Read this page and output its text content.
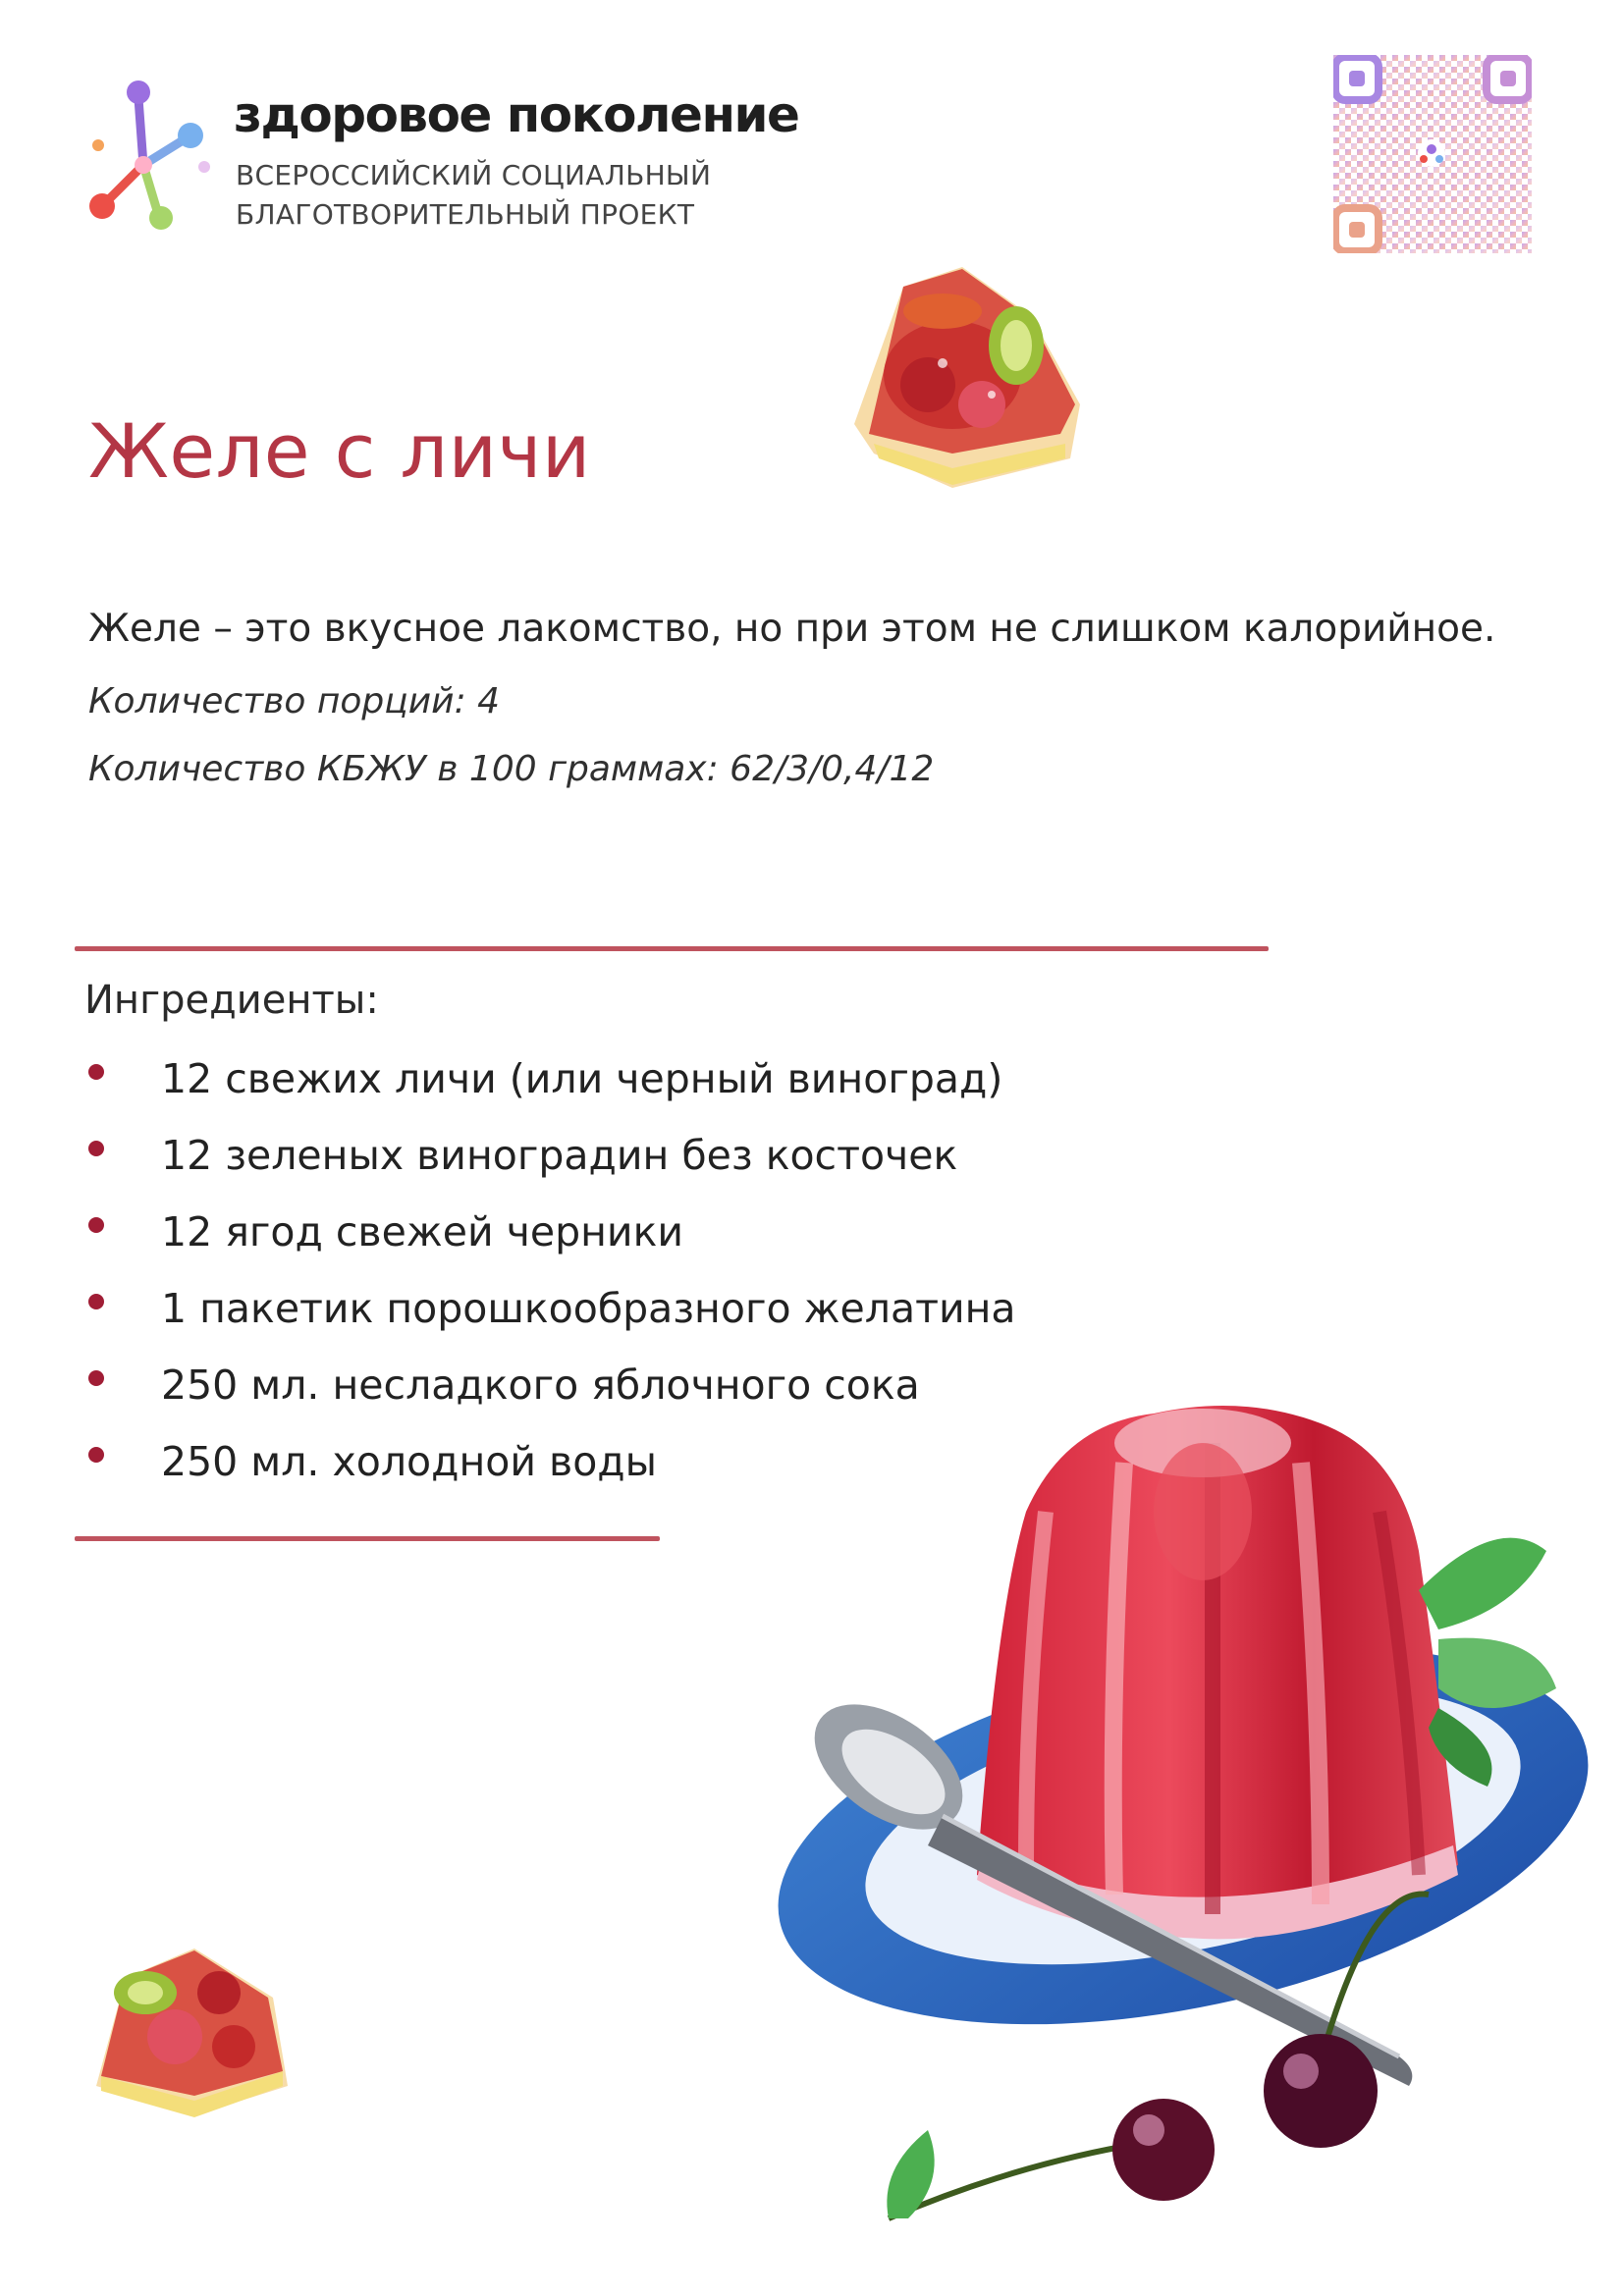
здоровое поколение
ВСЕРОССИЙСКИЙ СОЦИАЛЬНЫЙ
БЛАГОТВОРИТЕЛЬНЫЙ ПРОЕКТ
Желе с личи
Желе – это вкусное лакомство, но при этом не слишком калорийное.
Количество порций: 4
Количество КБЖУ в 100 граммах: 62/3/0,4/12
Ингредиенты:
12 свежих личи (или черный виноград)
12 зеленых виноградин без косточек
12 ягод свежей черники
1 пакетик порошкообразного желатина
250 мл. несладкого яблочного сока
250 мл. холодной воды
